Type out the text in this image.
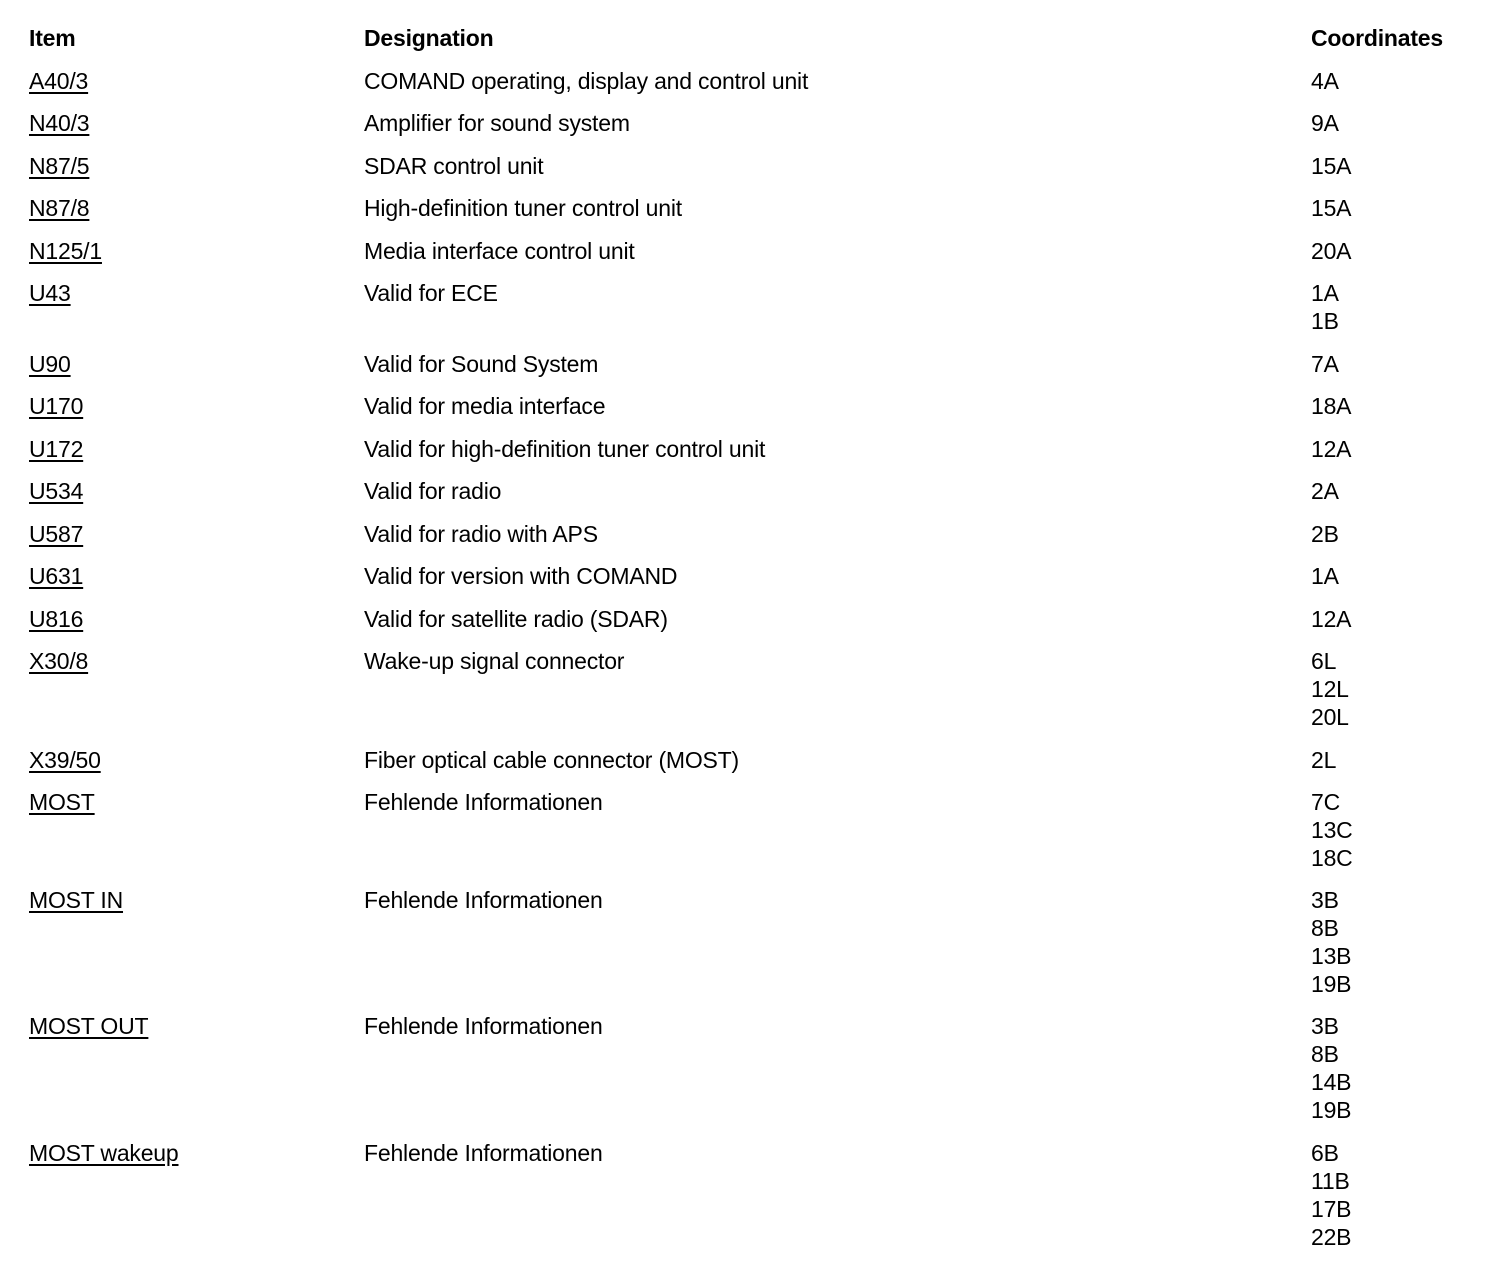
Item	Designation	Coordinates
A40/3	COMAND operating, display and control unit	4A
N40/3	Amplifier for sound system	9A
N87/5	SDAR control unit	15A
N87/8	High-definition tuner control unit	15A
N125/1	Media interface control unit	20A
U43	Valid for ECE	1A
1B
U90	Valid for Sound System	7A
U170	Valid for media interface	18A
U172	Valid for high-definition tuner control unit	12A
U534	Valid for radio	2A
U587	Valid for radio with APS	2B
U631	Valid for version with COMAND	1A
U816	Valid for satellite radio (SDAR)	12A
X30/8	Wake-up signal connector	6L
12L
20L
X39/50	Fiber optical cable connector (MOST)	2L
MOST	Fehlende Informationen	7C
13C
18C
MOST IN	Fehlende Informationen	3B
8B
13B
19B
MOST OUT	Fehlende Informationen	3B
8B
14B
19B
MOST wakeup	Fehlende Informationen	6B
11B
17B
22B
